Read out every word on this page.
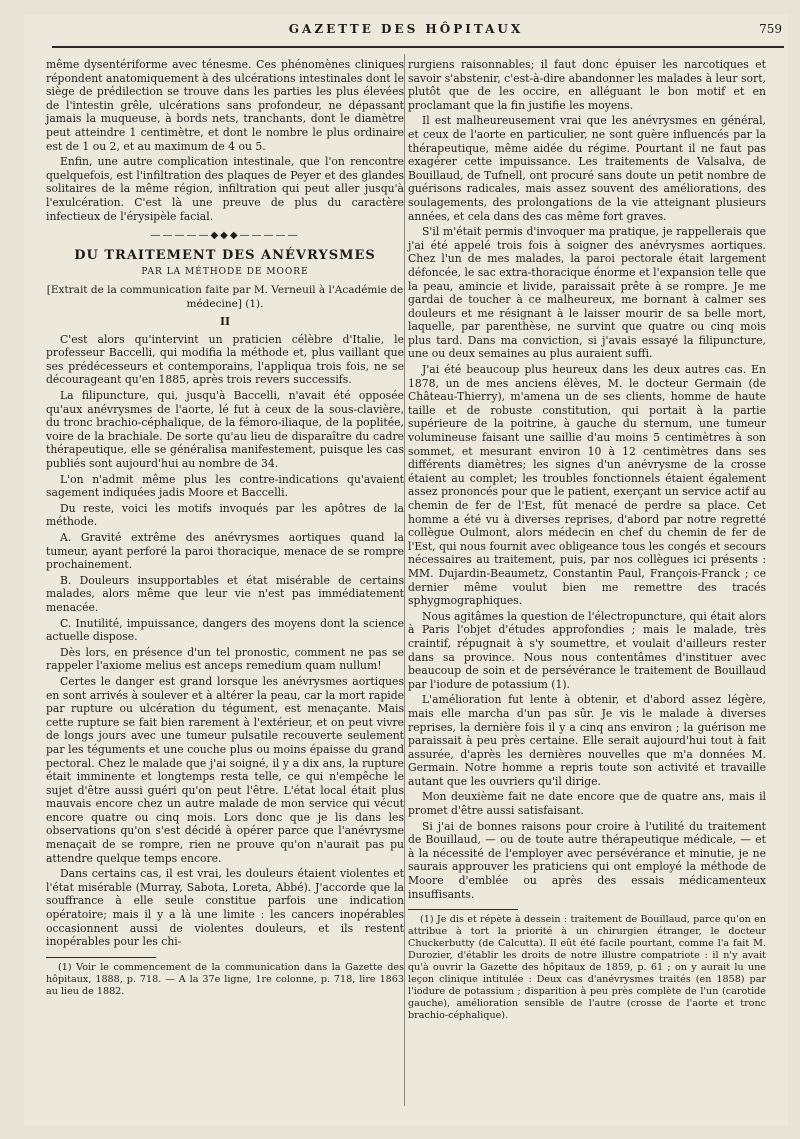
GAZETTE DES HÔPITAUX	759

même dysentériforme avec ténesme. Ces phénomènes cliniques répondent anatomiquement à des ulcérations intestinales dont le siège de prédilection se trouve dans les parties les plus élevées de l'intestin grêle, ulcérations sans profondeur, ne dépassant jamais la muqueuse, à bords nets, tranchants, dont le diamètre peut atteindre 1 centimètre, et dont le nombre le plus ordinaire est de 1 ou 2, et au maximum de 4 ou 5.

Enfin, une autre complication intestinale, que l'on rencontre quelquefois, est l'infiltration des plaques de Peyer et des glandes solitaires de la même région, infiltration qui peut aller jusqu'à l'exulcération. C'est là une preuve de plus du caractère infectieux de l'érysipèle facial.

—————◆◆◆—————
DU TRAITEMENT DES ANÉVRYSMES
PAR LA MÉTHODE DE MOORE
[Extrait de la communication faite par M. Verneuil à l'Académie de médecine] (1).
II

C'est alors qu'intervint un praticien célèbre d'Italie, le professeur Baccelli, qui modifia la méthode et, plus vaillant que ses prédécesseurs et contemporains, l'appliqua trois fois, ne se décourageant qu'en 1885, après trois revers successifs.

La filipuncture, qui, jusqu'à Baccelli, n'avait été opposée qu'aux anévrysmes de l'aorte, lé fut à ceux de la sous-clavière, du tronc brachio-céphalique, de la fémoro-iliaque, de la poplitée, voire de la brachiale. De sorte qu'au lieu de disparaître du cadre thérapeutique, elle se généralisa manifestement, puisque les cas publiés sont aujourd'hui au nombre de 34.

L'on n'admit même plus les contre-indications qu'avaient sagement indiquées jadis Moore et Baccelli.

Du reste, voici les motifs invoqués par les apôtres de la méthode.

A. Gravité extrême des anévrysmes aortiques quand la tumeur, ayant perforé la paroi thoracique, menace de se rompre prochainement.

B. Douleurs insupportables et état misérable de certains malades, alors même que leur vie n'est pas immédiatement menacée.

C. Inutilité, impuissance, dangers des moyens dont la science actuelle dispose.

Dès lors, en présence d'un tel pronostic, comment ne pas se rappeler l'axiome melius est anceps remedium quam nullum!

Certes le danger est grand lorsque les anévrysmes aortiques en sont arrivés à soulever et à altérer la peau, car la mort rapide par rupture ou ulcération du tégument, est menaçante. Mais cette rupture se fait bien rarement à l'extérieur, et on peut vivre de longs jours avec une tumeur pulsatile recouverte seulement par les téguments et une couche plus ou moins épaisse du grand pectoral. Chez le malade que j'ai soigné, il y a dix ans, la rupture était imminente et longtemps resta telle, ce qui n'empêche le sujet d'être aussi guéri qu'on peut l'être. L'état local était plus mauvais encore chez un autre malade de mon service qui vécut encore quatre ou cinq mois. Lors donc que je lis dans les observations qu'on s'est décidé à opérer parce que l'anévrysme menaçait de se rompre, rien ne prouve qu'on n'aurait pas pu attendre quelque temps encore.

Dans certains cas, il est vrai, les douleurs étaient violentes et l'état misérable (Murray, Sabota, Loreta, Abbé). J'accorde que la souffrance à elle seule constitue parfois une indication opératoire; mais il y a là une limite : les cancers inopérables occasionnent aussi de violentes douleurs, et ils restent inopérables pour les chi-

(1) Voir le commencement de la communication dans la Gazette des hôpitaux, 1888, p. 718. — A la 37e ligne, 1re colonne, p. 718, lire 1863 au lieu de 1882.

rurgiens raisonnables; il faut donc épuiser les narcotiques et savoir s'abstenir, c'est-à-dire abandonner les malades à leur sort, plutôt que de les occire, en alléguant le bon motif et en proclamant que la fin justifie les moyens.

Il est malheureusement vrai que les anévrysmes en général, et ceux de l'aorte en particulier, ne sont guère influencés par la thérapeutique, même aidée du régime. Pourtant il ne faut pas exagérer cette impuissance. Les traitements de Valsalva, de Bouillaud, de Tufnell, ont procuré sans doute un petit nombre de guérisons radicales, mais assez souvent des améliorations, des soulagements, des prolongations de la vie atteignant plusieurs années, et cela dans des cas même fort graves.

S'il m'était permis d'invoquer ma pratique, je rappellerais que j'ai été appelé trois fois à soigner des anévrysmes aortiques. Chez l'un de mes malades, la paroi pectorale était largement défoncée, le sac extra-thoracique énorme et l'expansion telle que la peau, amincie et livide, paraissait prête à se rompre. Je me gardai de toucher à ce malheureux, me bornant à calmer ses douleurs et me résignant à le laisser mourir de sa belle mort, laquelle, par parenthèse, ne survint que quatre ou cinq mois plus tard. Dans ma conviction, si j'avais essayé la filipuncture, une ou deux semaines au plus auraient suffi.

J'ai été beaucoup plus heureux dans les deux autres cas. En 1878, un de mes anciens élèves, M. le docteur Germain (de Château-Thierry), m'amena un de ses clients, homme de haute taille et de robuste constitution, qui portait à la partie supérieure de la poitrine, à gauche du sternum, une tumeur volumineuse faisant une saillie d'au moins 5 centimètres à son sommet, et mesurant environ 10 à 12 centimètres dans ses différents diamètres; les signes d'un anévrysme de la crosse étaient au complet; les troubles fonctionnels étaient également assez prononcés pour que le patient, exerçant un service actif au chemin de fer de l'Est, fût menacé de perdre sa place. Cet homme a été vu à diverses reprises, d'abord par notre regretté collègue Oulmont, alors médecin en chef du chemin de fer de l'Est, qui nous fournit avec obligeance tous les congés et secours nécessaires au traitement, puis, par nos collègues ici présents : MM. Dujardin-Beaumetz, Constantin Paul, François-Franck ; ce dernier même voulut bien me remettre des tracés sphygmographiques.

Nous agitâmes la question de l'électropuncture, qui était alors à Paris l'objet d'études approfondies ; mais le malade, très craintif, répugnait à s'y soumettre, et voulait d'ailleurs rester dans sa province. Nous nous contentâmes d'instituer avec beaucoup de soin et de persévérance le traitement de Bouillaud par l'iodure de potassium (1).

L'amélioration fut lente à obtenir, et d'abord assez légère, mais elle marcha d'un pas sûr. Je vis le malade à diverses reprises, la dernière fois il y a cinq ans environ ; la guérison me paraissait à peu près certaine. Elle serait aujourd'hui tout à fait assurée, d'après les dernières nouvelles que m'a données M. Germain. Notre homme a repris toute son activité et travaille autant que les ouvriers qu'il dirige.

Mon deuxième fait ne date encore que de quatre ans, mais il promet d'être aussi satisfaisant.

Si j'ai de bonnes raisons pour croire à l'utilité du traitement de Bouillaud, — ou de toute autre thérapeutique médicale, — et à la nécessité de l'employer avec persévérance et minutie, je ne saurais approuver les praticiens qui ont employé la méthode de Moore d'emblée ou après des essais médicamenteux insuffisants.

(1) Je dis et répète à dessein : traitement de Bouillaud, parce qu'on en attribue à tort la priorité à un chirurgien étranger, le docteur Chuckerbutty (de Calcutta). Il eût été facile pourtant, comme l'a fait M. Durozier, d'établir les droits de notre illustre compatriote : il n'y avait qu'à ouvrir la Gazette des hôpitaux de 1859, p. 61 ; on y aurait lu une leçon clinique intitulée : Deux cas d'anévrysmes traités (en 1858) par l'iodure de potassium ; disparition à peu près complète de l'un (carotide gauche), amélioration sensible de l'autre (crosse de l'aorte et tronc brachio-céphalique).
